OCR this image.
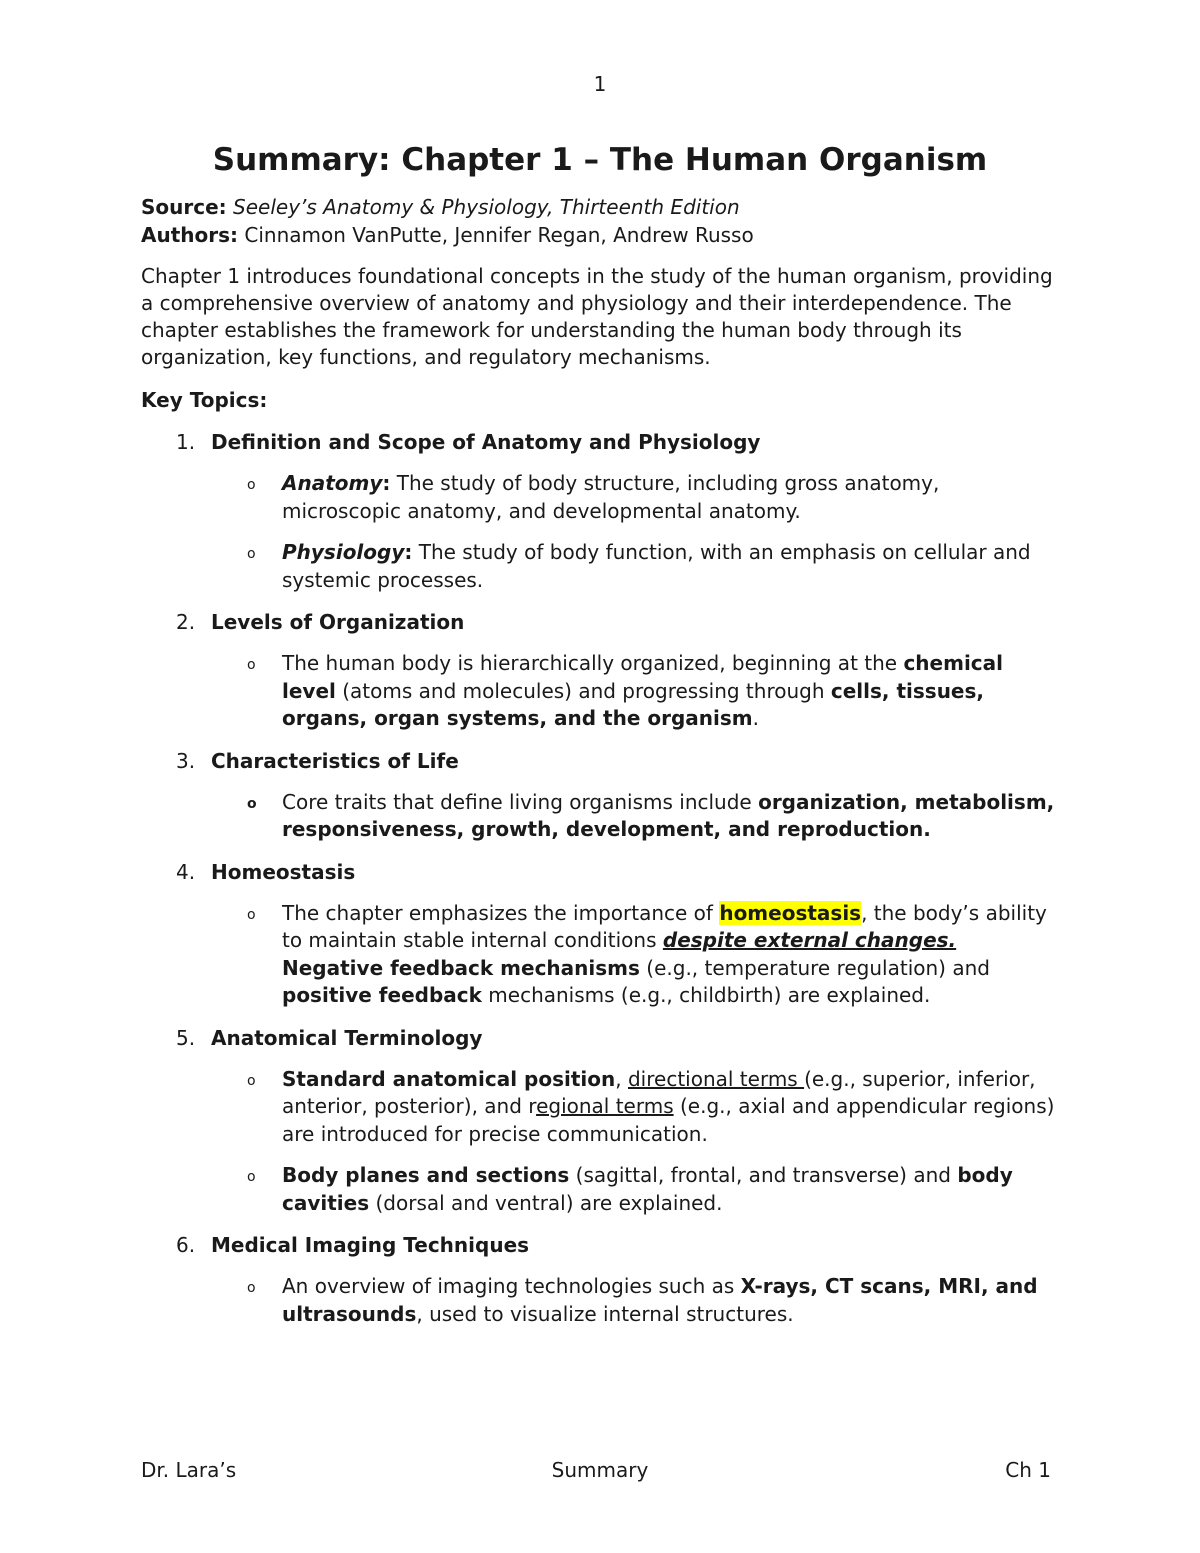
1
Summary: Chapter 1 – The Human Organism
Source: Seeley’s Anatomy & Physiology, Thirteenth Edition
Authors: Cinnamon VanPutte, Jennifer Regan, Andrew Russo
Chapter 1 introduces foundational concepts in the study of the human organism, providing a comprehensive overview of anatomy and physiology and their interdependence. The chapter establishes the framework for understanding the human body through its organization, key functions, and regulatory mechanisms.
Key Topics:
1. Definition and Scope of Anatomy and Physiology
o Anatomy: The study of body structure, including gross anatomy, microscopic anatomy, and developmental anatomy.
o Physiology: The study of body function, with an emphasis on cellular and systemic processes.
2. Levels of Organization
o The human body is hierarchically organized, beginning at the chemical level (atoms and molecules) and progressing through cells, tissues, organs, organ systems, and the organism.
3. Characteristics of Life
o Core traits that define living organisms include organization, metabolism, responsiveness, growth, development, and reproduction.
4. Homeostasis
o The chapter emphasizes the importance of homeostasis, the body’s ability to maintain stable internal conditions despite external changes. Negative feedback mechanisms (e.g., temperature regulation) and positive feedback mechanisms (e.g., childbirth) are explained.
5. Anatomical Terminology
o Standard anatomical position, directional terms (e.g., superior, inferior, anterior, posterior), and regional terms (e.g., axial and appendicular regions) are introduced for precise communication.
o Body planes and sections (sagittal, frontal, and transverse) and body cavities (dorsal and ventral) are explained.
6. Medical Imaging Techniques
o An overview of imaging technologies such as X-rays, CT scans, MRI, and ultrasounds, used to visualize internal structures.
Dr. Lara’s	Summary	Ch 1
